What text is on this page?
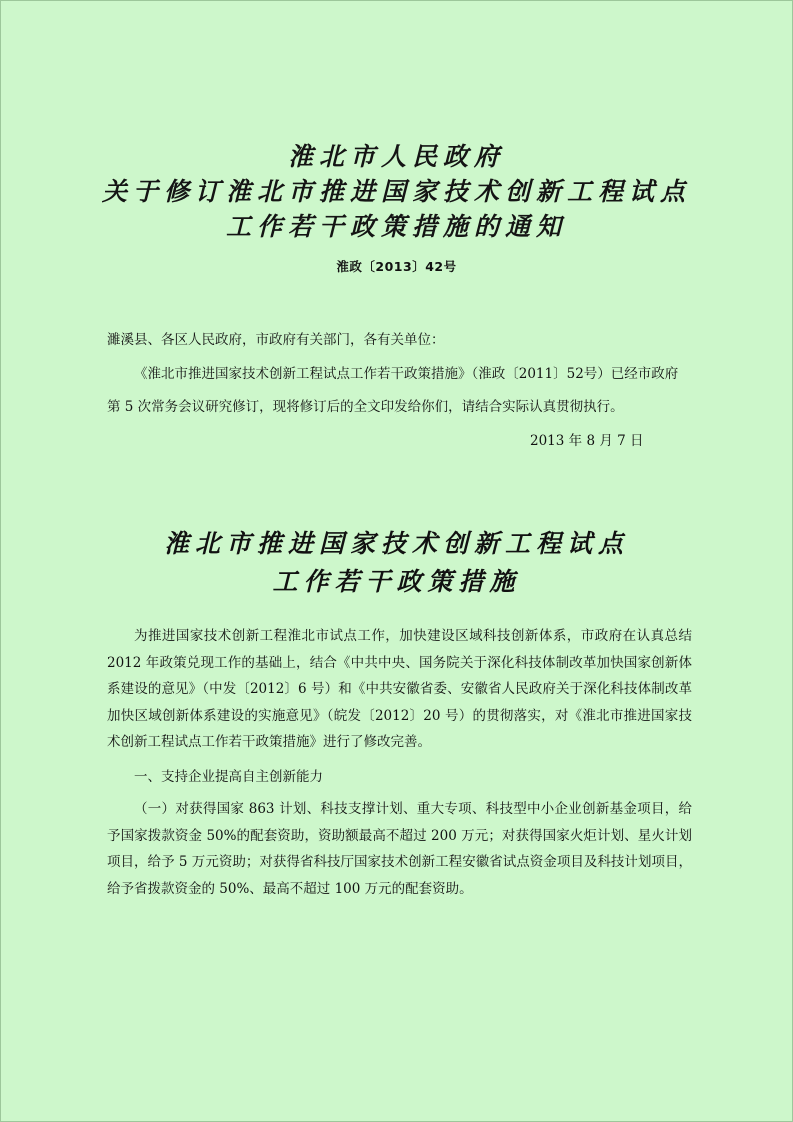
淮北市人民政府
关于修订淮北市推进国家技术创新工程试点
工作若干政策措施的通知
淮政〔2013〕42号
濉溪县、各区人民政府，市政府有关部门，各有关单位：
《淮北市推进国家技术创新工程试点工作若干政策措施》（淮政〔2011〕52号）已经市政府
第 5 次常务会议研究修订，现将修订后的全文印发给你们，请结合实际认真贯彻执行。
2013 年 8 月 7 日
淮北市推进国家技术创新工程试点
工作若干政策措施

为推进国家技术创新工程淮北市试点工作，加快建设区域科技创新体系，市政府在认真总结 2012 年政策兑现工作的基础上，结合《中共中央、国务院关于深化科技体制改革加快国家创新体系建设的意见》（中发〔2012〕6 号）和《中共安徽省委、安徽省人民政府关于深化科技体制改革加快区域创新体系建设的实施意见》（皖发〔2012〕20 号）的贯彻落实，对《淮北市推进国家技术创新工程试点工作若干政策措施》进行了修改完善。

一、支持企业提高自主创新能力

（一）对获得国家 863 计划、科技支撑计划、重大专项、科技型中小企业创新基金项目，给予国家拨款资金 50%的配套资助，资助额最高不超过 200 万元；对获得国家火炬计划、星火计划项目，给予 5 万元资助；对获得省科技厅国家技术创新工程安徽省试点资金项目及科技计划项目，给予省拨款资金的 50%、最高不超过 100 万元的配套资助。
